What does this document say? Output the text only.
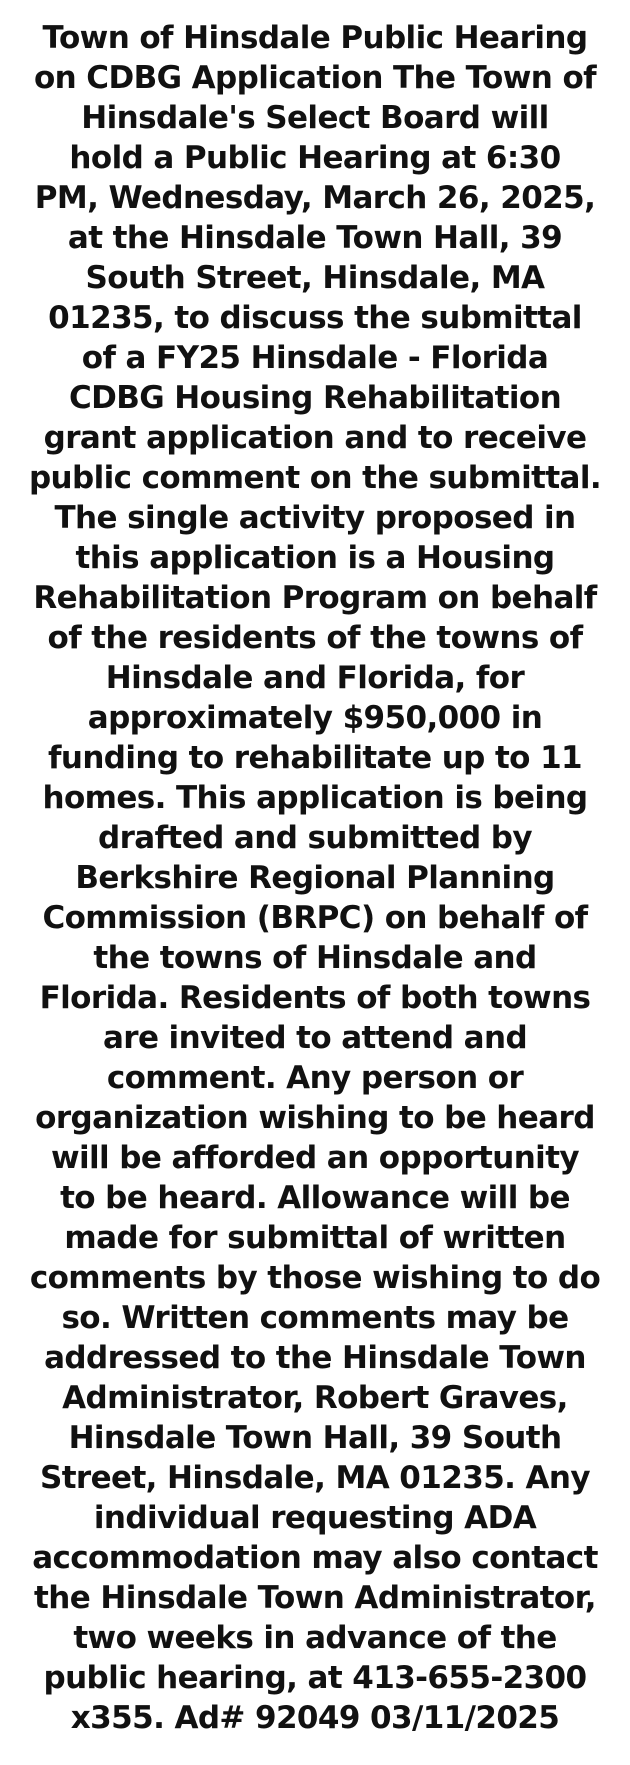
Town of Hinsdale Public Hearing
on CDBG Application The Town of
Hinsdale's Select Board will
hold a Public Hearing at 6:30
PM, Wednesday, March 26, 2025,
at the Hinsdale Town Hall, 39
South Street, Hinsdale, MA
01235, to discuss the submittal
of a FY25 Hinsdale - Florida
CDBG Housing Rehabilitation
grant application and to receive
public comment on the submittal.
The single activity proposed in
this application is a Housing
Rehabilitation Program on behalf
of the residents of the towns of
Hinsdale and Florida, for
approximately $950,000 in
funding to rehabilitate up to 11
homes. This application is being
drafted and submitted by
Berkshire Regional Planning
Commission (BRPC) on behalf of
the towns of Hinsdale and
Florida. Residents of both towns
are invited to attend and
comment. Any person or
organization wishing to be heard
will be afforded an opportunity
to be heard. Allowance will be
made for submittal of written
comments by those wishing to do
so. Written comments may be
addressed to the Hinsdale Town
Administrator, Robert Graves,
Hinsdale Town Hall, 39 South
Street, Hinsdale, MA 01235. Any
individual requesting ADA
accommodation may also contact
the Hinsdale Town Administrator,
two weeks in advance of the
public hearing, at 413-655-2300
x355. Ad# 92049 03/11/2025
